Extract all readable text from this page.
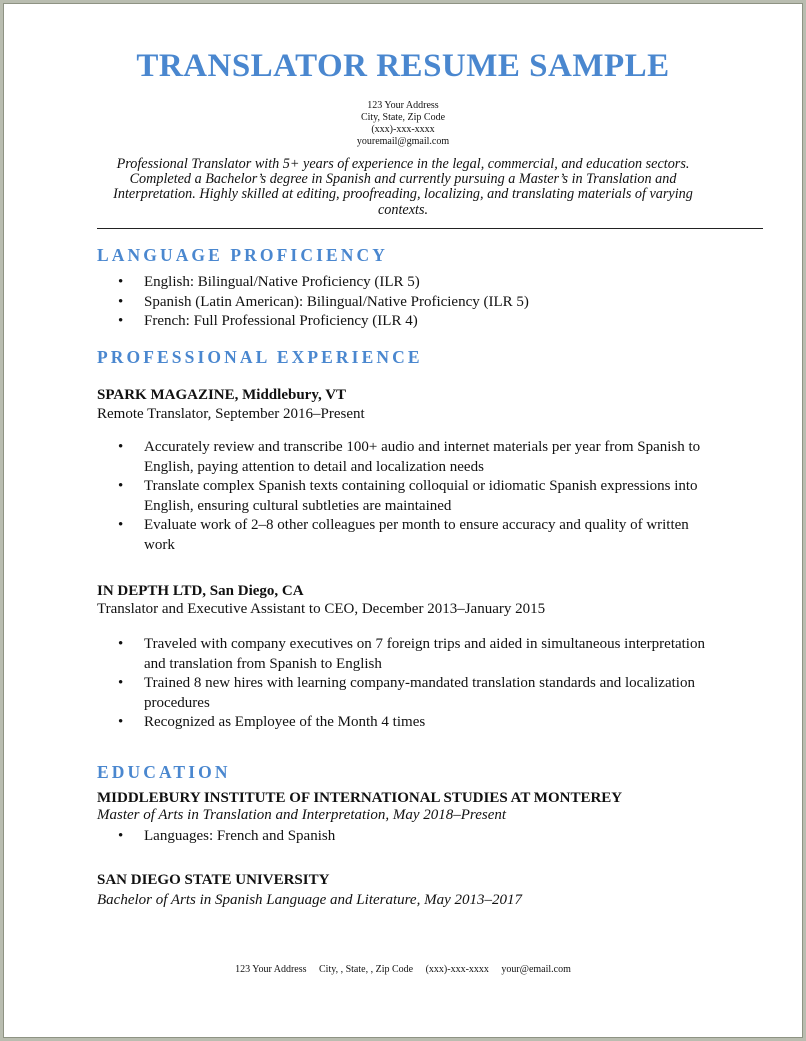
TRANSLATOR RESUME SAMPLE
123 Your Address
City, State, Zip Code
(xxx)-xxx-xxxx
youremail@gmail.com

Professional Translator with 5+ years of experience in the legal, commercial, and education sectors. Completed a Bachelor’s degree in Spanish and currently pursuing a Master’s in Translation and Interpretation. Highly skilled at editing, proofreading, localizing, and translating materials of varying contexts.

LANGUAGE PROFICIENCY
• English: Bilingual/Native Proficiency (ILR 5)
• Spanish (Latin American): Bilingual/Native Proficiency (ILR 5)
• French: Full Professional Proficiency (ILR 4)
PROFESSIONAL EXPERIENCE

SPARK MAGAZINE, Middlebury, VT

Remote Translator, September 2016–Present

• Accurately review and transcribe 100+ audio and internet materials per year from Spanish to English, paying attention to detail and localization needs
• Translate complex Spanish texts containing colloquial or idiomatic Spanish expressions into English, ensuring cultural subtleties are maintained
• Evaluate work of 2–8 other colleagues per month to ensure accuracy and quality of written work

IN DEPTH LTD, San Diego, CA

Translator and Executive Assistant to CEO, December 2013–January 2015

• Traveled with company executives on 7 foreign trips and aided in simultaneous interpretation and translation from Spanish to English
• Trained 8 new hires with learning company-mandated translation standards and localization procedures
• Recognized as Employee of the Month 4 times
EDUCATION

MIDDLEBURY INSTITUTE OF INTERNATIONAL STUDIES AT MONTEREY

Master of Arts in Translation and Interpretation, May 2018–Present

• Languages: French and Spanish

SAN DIEGO STATE UNIVERSITY

Bachelor of Arts in Spanish Language and Literature, May 2013–2017

123 Your Address City, , State, , Zip Code (xxx)-xxx-xxxx your@email.com
